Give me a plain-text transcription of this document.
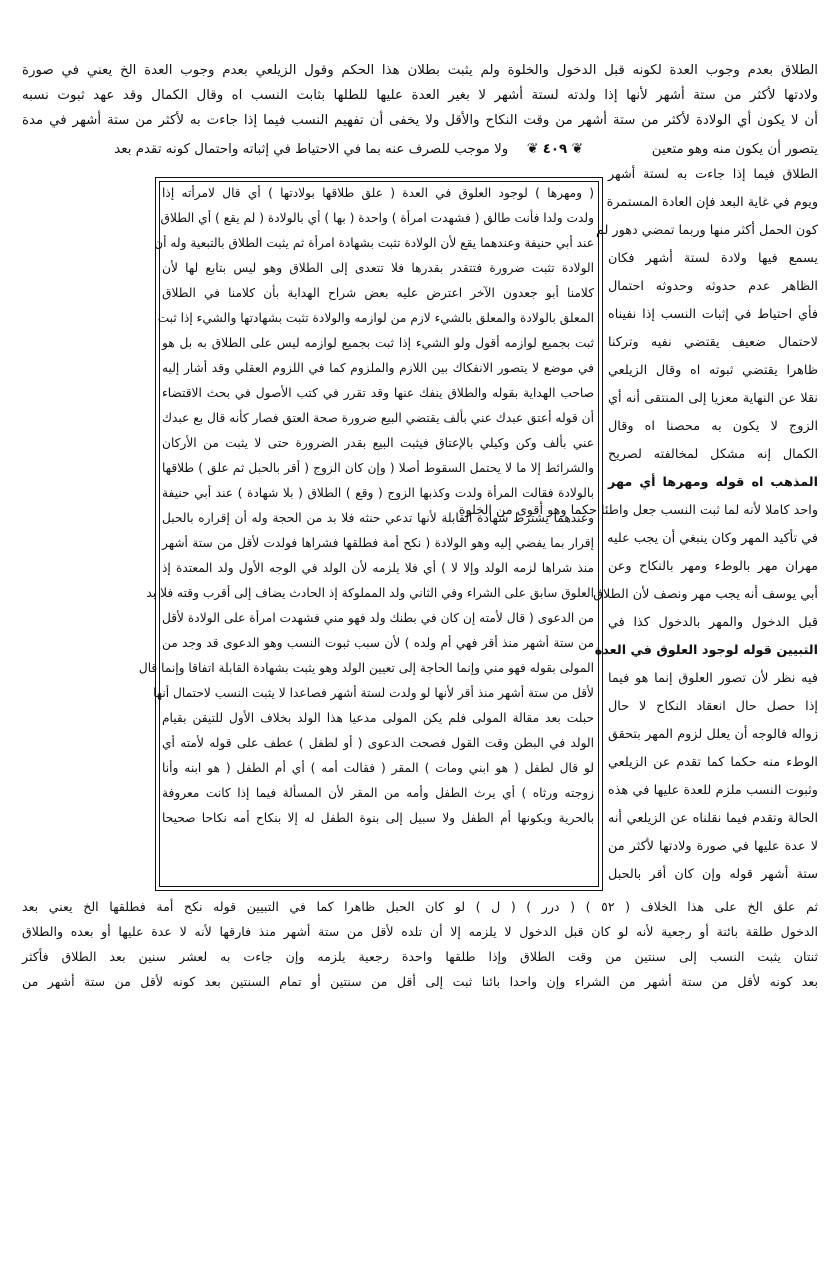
الطلاق بعدم وجوب العدة لكونه قبل الدخول والخلوة ولم يثبت بطلان هذا الحكم وقول الزيلعي بعدم وجوب العدة الخ يعني في صورة
ولادتها لأكثر من ستة أشهر لأنها إذا ولدته لستة أشهر لا بغير العدة عليها للطلها بثابت النسب اه وقال الكمال وقد عهد ثبوت نسبه
أن لا يكون أي الولادة لأكثر من ستة أشهر من وقت النكاح والأقل ولا يخفى أن تفهيم النسب فيما إذا جاءت به لأكثر من ستة أشهر في مدة
يتصور أن يكون منه وهو متعين  ❦ ٤٠٩ ❦  ولا موجب للصرف عنه بما في الاحتياط في إثباته واحتمال كونه تقدم بعد
( ومهرها ) لوجود العلوق في العدة ( علق طلاقها بولادتها ) أي قال لامرأته إذا
ولدت ولدا فأنت طالق ( فشهدت امرأة ) واحدة ( بها ) أي بالولادة ( لم يقع ) أي الطلاق
عند أبي حنيفة وعندهما يقع لأن الولادة تثبت بشهادة امرأة ثم يثبت الطلاق بالتبعية وله أن
الولادة تثبت ضرورة فتتقدر بقدرها فلا تتعدى إلى الطلاق وهو ليس بتابع لها لأن
كلامنا أبو جعدون الآخر اعترض عليه بعض شراح الهداية بأن كلامنا في الطلاق
المعلق بالولادة والمعلق بالشيء لازم من لوازمه والولادة تثبت بشهادتها والشيء إذا ثبت
ثبت بجميع لوازمه أقول ولو الشيء إذا ثبت بجميع لوازمه ليس على الطلاق به بل هو
في موضع لا يتصور الانفكاك بين اللازم والملزوم كما في اللزوم العقلي وقد أشار إليه
صاحب الهداية بقوله والطلاق ينفك عنها وقد تقرر في كتب الأصول في بحث الاقتضاء
أن قوله أعتق عبدك عني بألف يقتضي البيع ضرورة صحة العتق فصار كأنه قال بع عبدك
عني بألف وكن وكيلي بالإعتاق فيثبت البيع بقدر الضرورة حتى لا يثبت من الأركان
والشرائط إلا ما لا يحتمل السقوط أصلا ( وإن كان الزوج ( أقر بالحبل ثم علق ) طلاقها
بالولادة فقالت المرأة ولدت وكذبها الزوج ( وقع ) الطلاق ( بلا شهادة ) عند أبي حنيفة
وعندهما يشترط شهادة القابلة لأنها تدعي حنثه فلا بد من الحجة وله أن إقراره بالحبل
إقرار بما يفضي إليه وهو الولادة ( نكح أمة فطلقها فشراها فولدت لأقل من ستة أشهر
منذ شراها لزمه الولد وإلا لا ) أي فلا يلزمه لأن الولد في الوجه الأول ولد المعتدة إذ
العلوق سابق على الشراء وفي الثاني ولد المملوكة إذ الحادث يضاف إلى أقرب وقته فلا بد
من الدعوى ( قال لأمته إن كان في بطنك ولد فهو مني فشهدت امرأة على الولادة لأقل
من ستة أشهر منذ أقر فهي أم ولده ) لأن سبب ثبوت النسب وهو الدعوى قد وجد من
المولى بقوله فهو مني وإنما الحاجة إلى تعيين الولد وهو يثبت بشهادة القابلة اتفاقا وإنما قال
لأقل من ستة أشهر منذ أقر لأنها لو ولدت لستة أشهر فصاعدا لا يثبت النسب لاحتمال أنها
حبلت بعد مقالة المولى فلم يكن المولى مدعيا هذا الولد بخلاف الأول للتيقن بقيام
الولد في البطن وقت القول فصحت الدعوى ( أو لطفل ) عطف على قوله لأمته أي
لو قال لطفل ( هو ابني ومات ) المقر ( فقالت أمه ) أي أم الطفل ( هو ابنه وأنا
زوجته ورثاه ) أي يرث الطفل وأمه من المقر لأن المسألة فيما إذا كانت معروفة
بالحرية وبكونها أم الطفل ولا سبيل إلى بنوة الطفل له إلا بنكاح أمه نكاحا صحيحا
الطلاق فيما إذا جاءت به لستة أشهر
ويوم في غاية البعد فإن العادة المستمرة
كون الحمل أكثر منها وربما تمضي دهور لم
يسمع فيها ولادة لستة أشهر فكان
الظاهر عدم حدوثه وحدوثه احتمال
فأي احتياط في إثبات النسب إذا نفيناه
لاحتمال ضعيف يقتضي نفيه وتركنا
ظاهرا يقتضي ثبوته اه وقال الزيلعي
نقلا عن النهاية معزيا إلى المنتقى أنه أي
الزوج لا يكون به محصنا اه وقال
الكمال إنه مشكل لمخالفته لصريح
المذهب اه قوله ومهرها أي مهر
واحد كاملا لأنه لما ثبت النسب جعل واطئا حكما وهو أقوى من الخلوة
في تأكيد المهر وكان ينبغي أن يجب عليه
مهران مهر بالوطء ومهر بالنكاح وعن
أبي يوسف أنه يجب مهر ونصف لأن الطلاق
قبل الدخول والمهر بالدخول كذا في
التبيين قوله لوجود العلوق في العدة
فيه نظر لأن تصور العلوق إنما هو فيما
إذا حصل حال انعقاد النكاح لا حال
زواله فالوجه أن يعلل لزوم المهر بتحقق
الوطء منه حكما كما تقدم عن الزيلعي
وثبوت النسب ملزم للعدة عليها في هذه
الحالة وتقدم فيما نقلناه عن الزيلعي أنه
لا عدة عليها في صورة ولادتها لأكثر من
ستة أشهر قوله وإن كان أقر بالحبل
ثم علق الخ على هذا الخلاف ( ٥٢ ) ( درر ) ( ل ) لو كان الحبل ظاهرا كما في التبيين قوله نكح أمة فطلقها الخ يعني بعد
الدخول طلقة بائنة أو رجعية لأنه لو كان قبل الدخول لا يلزمه إلا أن تلده لأقل من ستة أشهر منذ فارقها لأنه لا عدة عليها أو بعده والطلاق
ثنتان يثبت النسب إلى سنتين من وقت الطلاق وإذا طلقها واحدة رجعية يلزمه وإن جاءت به لعشر سنين بعد الطلاق فأكثر
بعد كونه لأقل من ستة أشهر من الشراء وإن واحدا بائنا ثبت إلى أقل من سنتين أو تمام السنتين بعد كونه لأقل من ستة أشهر من
